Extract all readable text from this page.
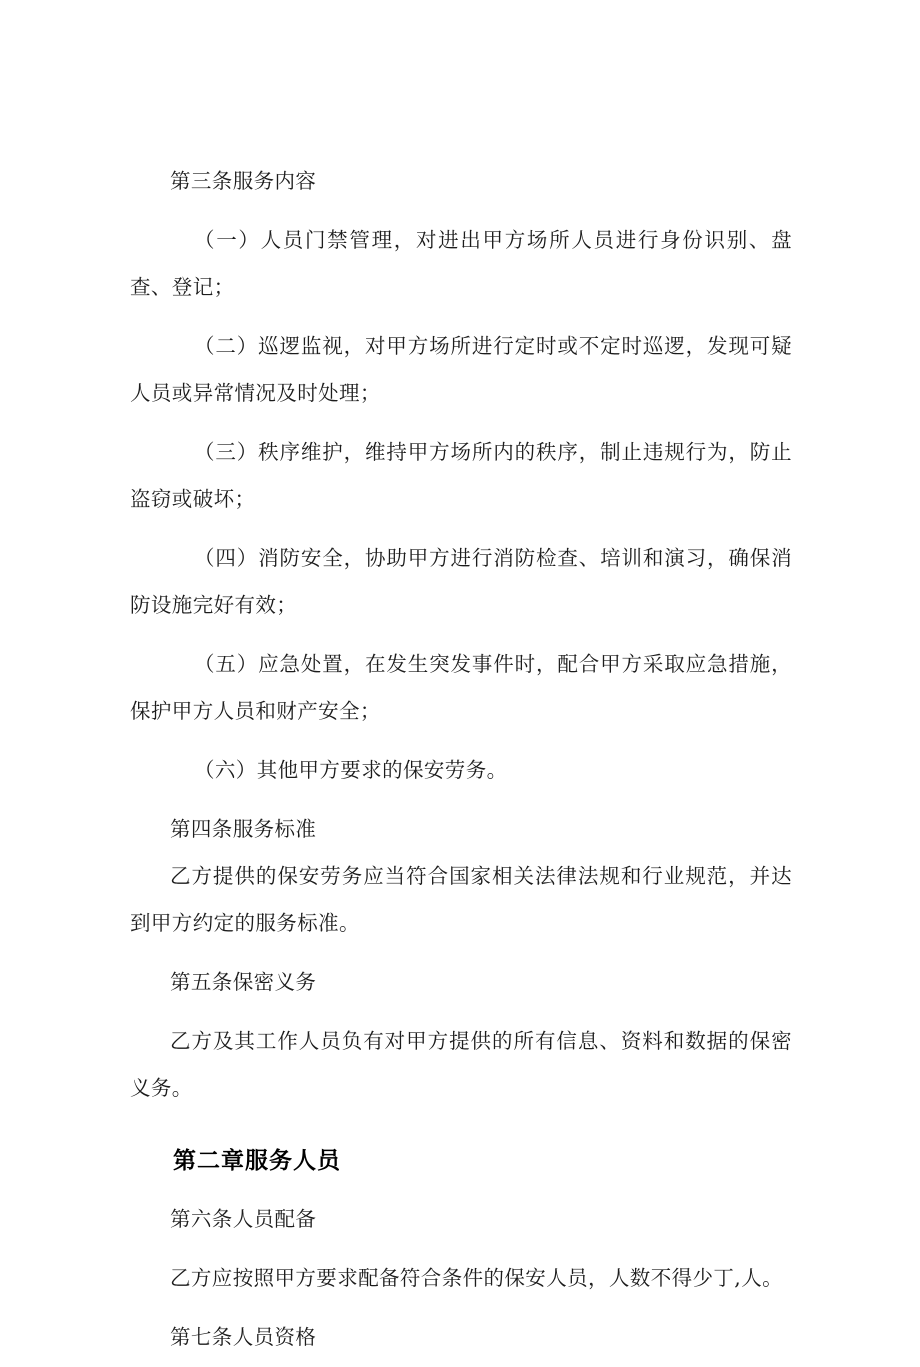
第三条服务内容

（一）人员门禁管理，对进出甲方场所人员进行身份识别、盘查、登记；

（二）巡逻监视，对甲方场所进行定时或不定时巡逻，发现可疑人员或异常情况及时处理；

（三）秩序维护，维持甲方场所内的秩序，制止违规行为，防止盗窃或破坏；

（四）消防安全，协助甲方进行消防检查、培训和演习，确保消防设施完好有效；

（五）应急处置，在发生突发事件时，配合甲方采取应急措施，保护甲方人员和财产安全；

（六）其他甲方要求的保安劳务。

第四条服务标准

乙方提供的保安劳务应当符合国家相关法律法规和行业规范，并达到甲方约定的服务标准。

第五条保密义务

乙方及其工作人员负有对甲方提供的所有信息、资料和数据的保密义务。

第二章服务人员

第六条人员配备

乙方应按照甲方要求配备符合条件的保安人员，人数不得少丁,人。

第七条人员资格
